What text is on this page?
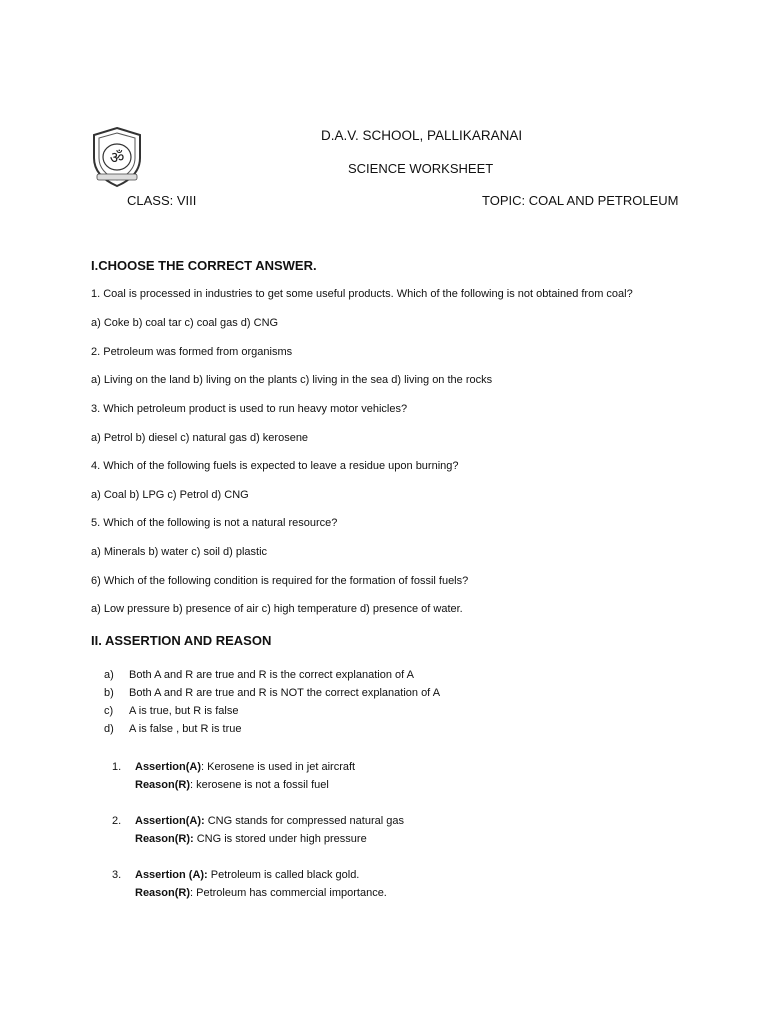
ॐ
D.A.V. SCHOOL, PALLIKARANAI
SCIENCE WORKSHEET
CLASS: VIII	TOPIC: COAL AND PETROLEUM
I.CHOOSE THE CORRECT ANSWER.
1. Coal is processed in industries to get some useful products. Which of the following is not obtained from coal?
a) Coke b) coal tar c) coal gas d) CNG
2. Petroleum was formed from organisms
a) Living on the land b) living on the plants c) living in the sea d) living on the rocks
3. Which petroleum product is used to run heavy motor vehicles?
a) Petrol b) diesel c) natural gas d) kerosene
4. Which of the following fuels is expected to leave a residue upon burning?
a) Coal b) LPG c) Petrol d) CNG
5. Which of the following is not a natural resource?
a) Minerals b) water c) soil d) plastic
6) Which of the following condition is required for the formation of fossil fuels?
a) Low pressure b) presence of air c) high temperature d) presence of water.
II. ASSERTION AND REASON
a)	Both A and R are true and R is the correct explanation of A
b)	Both A and R are true and R is NOT the correct explanation of A
c)	A is true, but R is false
d)	A is false , but R is true
1.	Assertion(A): Kerosene is used in jet aircraft
Reason(R): kerosene is not a fossil fuel
2.	Assertion(A): CNG stands for compressed natural gas
Reason(R): CNG is stored under high pressure
3.	Assertion (A): Petroleum is called black gold.
Reason(R): Petroleum has commercial importance.
